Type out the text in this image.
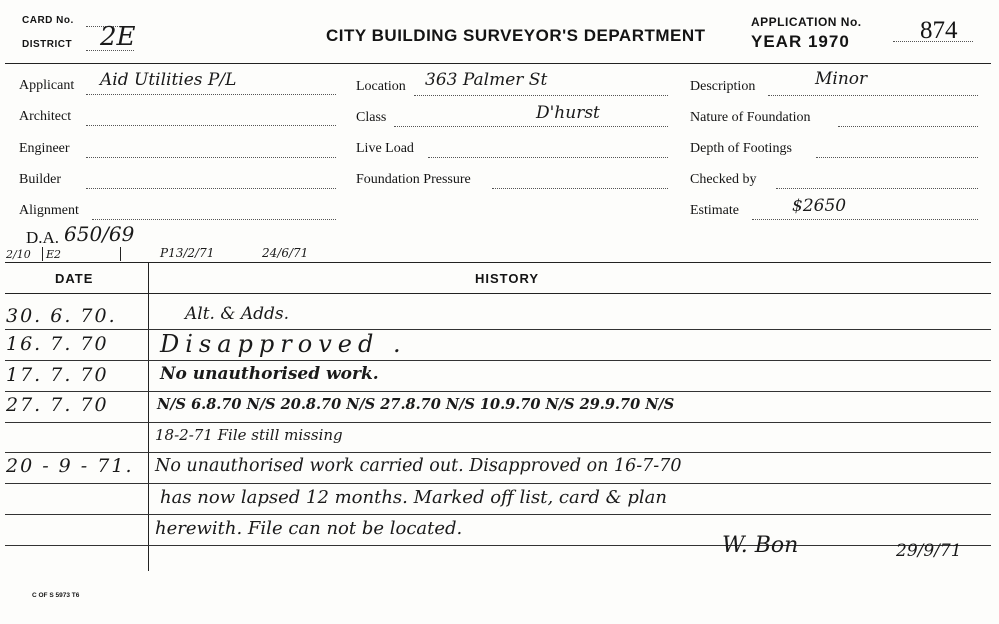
CARD No.
DISTRICT 2E	CITY BUILDING SURVEYOR'S DEPARTMENT
APPLICATION No.
YEAR 1970	874
Applicant Aid Utilities P/L
Architect
Engineer
Builder
Alignment
Location 363 Palmer St
Class	D'hurst
Live Load
Foundation Pressure
Description	Minor
Nature of Foundation
Depth of Footings
Checked by
Estimate	$2650
D.A. 650/69
2/10 E2	P13/2/71	24/6/71
DATE	HISTORY
30. 6. 70.	Alt. & Adds.
16. 7. 70 Disapproved .
17. 7. 70	No unauthorised work.
27. 7. 70	N/S 6.8.70 N/S 20.8.70 N/S 27.8.70 N/S 10.9.70 N/S 29.9.70 N/S
18-2-71 File still missing
20 - 9 - 71. No unauthorised work carried out. Disapproved on 16-7-70
has now lapsed 12 months. Marked off list, card & plan
herewith. File can not be located.
W. Bon	29/9/71
C OF S 5973 T6
